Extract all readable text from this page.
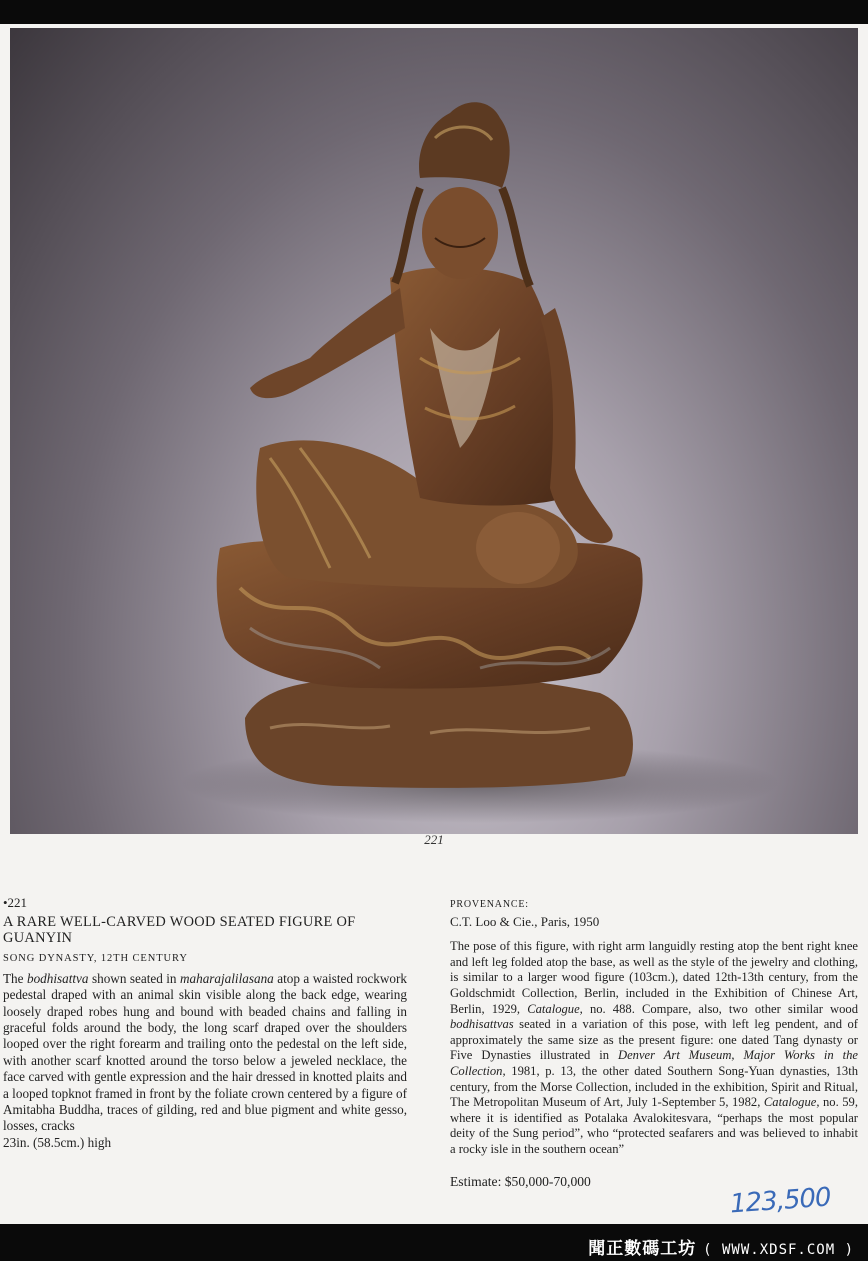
221
•221
A RARE WELL-CARVED WOOD SEATED FIGURE OF GUANYIN
SONG DYNASTY, 12TH CENTURY
The bodhisattva shown seated in maharajalilasana atop a waisted rockwork pedestal draped with an animal skin visible along the back edge, wearing loosely draped robes hung and bound with beaded chains and falling in graceful folds around the body, the long scarf draped over the shoulders looped over the right forearm and trailing onto the pedestal on the left side, with another scarf knotted around the torso below a jeweled necklace, the face carved with gentle expression and the hair dressed in knotted plaits and a looped topknot framed in front by the foliate crown centered by a figure of Amitabha Buddha, traces of gilding, red and blue pigment and white gesso, losses, cracks
23in. (58.5cm.) high
PROVENANCE:
C.T. Loo & Cie., Paris, 1950
The pose of this figure, with right arm languidly resting atop the bent right knee and left leg folded atop the base, as well as the style of the jewelry and clothing, is similar to a larger wood figure (103cm.), dated 12th-13th century, from the Goldschmidt Collection, Berlin, included in the Exhibition of Chinese Art, Berlin, 1929, Catalogue, no. 488. Compare, also, two other similar wood bodhisattvas seated in a variation of this pose, with left leg pendent, and of approximately the same size as the present figure: one dated Tang dynasty or Five Dynasties illustrated in Denver Art Museum, Major Works in the Collection, 1981, p. 13, the other dated Southern Song-Yuan dynasties, 13th century, from the Morse Collection, included in the exhibition, Spirit and Ritual, The Metropolitan Museum of Art, July 1-September 5, 1982, Catalogue, no. 59, where it is identified as Potalaka Avalokitesvara, “perhaps the most popular deity of the Sung period”, who “protected seafarers and was believed to inhabit a rocky isle in the southern ocean”
Estimate: $50,000-70,000
123,500
聞正數碼工坊 ( WWW.XDSF.COM )
